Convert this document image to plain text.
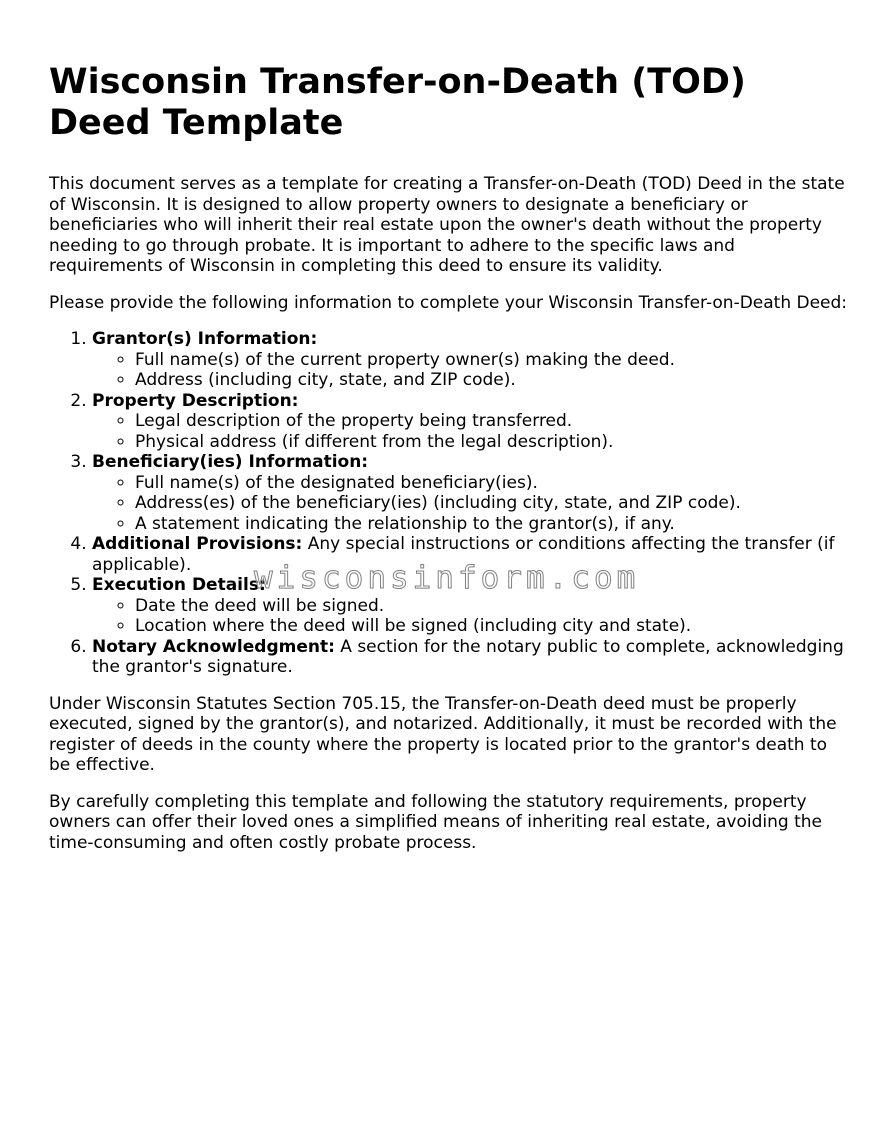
Wisconsin Transfer-on-Death (TOD) Deed Template

This document serves as a template for creating a Transfer-on-Death (TOD) Deed in the state of Wisconsin. It is designed to allow property owners to designate a beneficiary or beneficiaries who will inherit their real estate upon the owner's death without the property needing to go through probate. It is important to adhere to the specific laws and requirements of Wisconsin in completing this deed to ensure its validity.

Please provide the following information to complete your Wisconsin Transfer-on-Death Deed:

1. Grantor(s) Information:
◦ Full name(s) of the current property owner(s) making the deed.
◦ Address (including city, state, and ZIP code).
2. Property Description:
◦ Legal description of the property being transferred.
◦ Physical address (if different from the legal description).
3. Beneficiary(ies) Information:
◦ Full name(s) of the designated beneficiary(ies).
◦ Address(es) of the beneficiary(ies) (including city, state, and ZIP code).
◦ A statement indicating the relationship to the grantor(s), if any.
4. Additional Provisions: Any special instructions or conditions affecting the transfer (if applicable).
5. Execution Details:
◦ Date the deed will be signed.
◦ Location where the deed will be signed (including city and state).
6. Notary Acknowledgment: A section for the notary public to complete, acknowledging the grantor's signature.

Under Wisconsin Statutes Section 705.15, the Transfer-on-Death deed must be properly executed, signed by the grantor(s), and notarized. Additionally, it must be recorded with the register of deeds in the county where the property is located prior to the grantor's death to be effective.

By carefully completing this template and following the statutory requirements, property owners can offer their loved ones a simplified means of inheriting real estate, avoiding the time-consuming and often costly probate process.

wisconsinform.com
